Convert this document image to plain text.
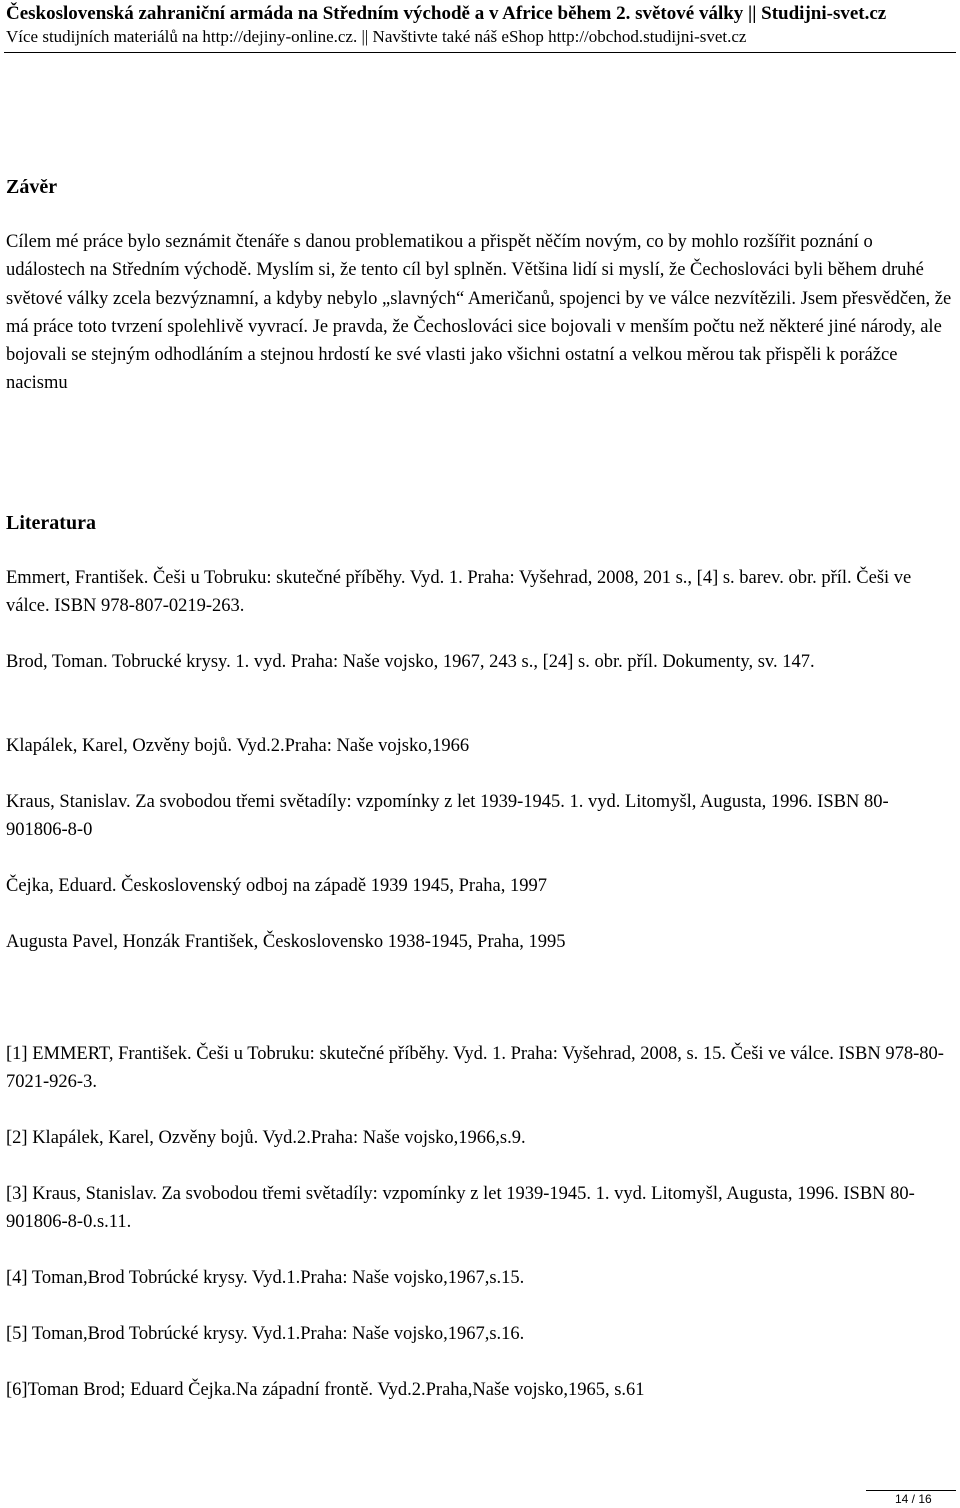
Československá zahraniční armáda na Středním východě a v Africe během 2. světové války || Studijni-svet.cz
Více studijních materiálů na http://dejiny-online.cz. || Navštivte také náš eShop http://obchod.studijni-svet.cz
Závěr
Cílem mé práce bylo seznámit čtenáře s danou problematikou a přispět něčím novým, co by mohlo rozšířit poznání o událostech na Středním východě. Myslím si, že tento cíl byl splněn. Většina lidí si myslí, že Čechoslováci byli během druhé světové války zcela bezvýznamní, a kdyby nebylo „slavných“ Američanů, spojenci by ve válce nezvítězili. Jsem přesvědčen, že má práce toto tvrzení spolehlivě vyvrací. Je pravda, že Čechoslováci sice bojovali v menším počtu než některé jiné národy, ale bojovali se stejným odhodláním a stejnou hrdostí ke své vlasti jako všichni ostatní a velkou měrou tak přispěli k porážce nacismu
Literatura
Emmert, František. Češi u Tobruku: skutečné příběhy. Vyd. 1. Praha: Vyšehrad, 2008, 201 s., [4] s. barev. obr. příl. Češi ve válce. ISBN 978-807-0219-263.
Brod, Toman. Tobrucké krysy. 1. vyd. Praha: Naše vojsko, 1967, 243 s., [24] s. obr. příl. Dokumenty, sv. 147.
Klapálek, Karel, Ozvěny bojů. Vyd.2.Praha: Naše vojsko,1966
Kraus, Stanislav. Za svobodou třemi světadíly: vzpomínky z let 1939-1945. 1. vyd. Litomyšl, Augusta, 1996. ISBN 80-901806-8-0
Čejka, Eduard. Československý odboj na západě 1939 1945, Praha, 1997
Augusta Pavel, Honzák František, Československo 1938-1945, Praha, 1995
[1] EMMERT, František. Češi u Tobruku: skutečné příběhy. Vyd. 1. Praha: Vyšehrad, 2008, s. 15. Češi ve válce. ISBN 978-80-7021-926-3.
[2] Klapálek, Karel, Ozvěny bojů. Vyd.2.Praha: Naše vojsko,1966,s.9.
[3] Kraus, Stanislav. Za svobodou třemi světadíly: vzpomínky z let 1939-1945. 1. vyd. Litomyšl, Augusta, 1996. ISBN 80-901806-8-0.s.11.
[4] Toman,Brod Tobrúcké krysy. Vyd.1.Praha: Naše vojsko,1967,s.15.
[5] Toman,Brod Tobrúcké krysy. Vyd.1.Praha: Naše vojsko,1967,s.16.
[6]Toman Brod; Eduard Čejka.Na západní frontě. Vyd.2.Praha,Naše vojsko,1965, s.61
14 / 16
